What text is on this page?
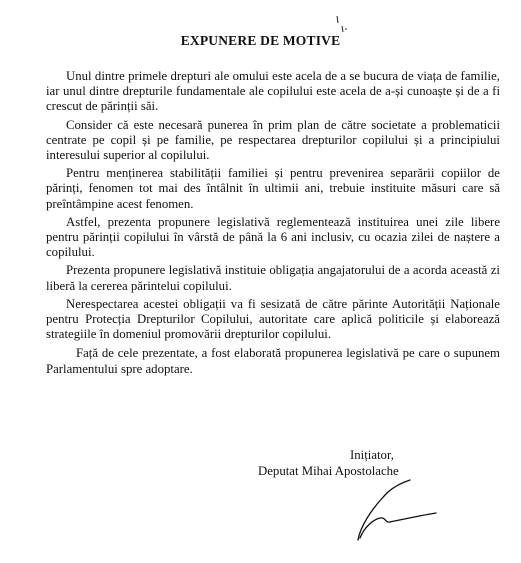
EXPUNERE DE MOTIVE

Unul dintre primele drepturi ale omului este acela de a se bucura de viața de familie, iar unul dintre drepturile fundamentale ale copilului este acela de a-și cunoaște și de a fi crescut de părinții săi.

Consider că este necesară punerea în prim plan de către societate a problematicii centrate pe copil și pe familie, pe respectarea drepturilor copilului și a principiului interesului superior al copilului.

Pentru menținerea stabilității familiei și pentru prevenirea separării copiilor de părinți, fenomen tot mai des întâlnit în ultimii ani, trebuie instituite măsuri care să preîntâmpine acest fenomen.

Astfel, prezenta propunere legislativă reglementează instituirea unei zile libere pentru părinții copilului în vârstă de până la 6 ani inclusiv, cu ocazia zilei de naștere a copilului.

Prezenta propunere legislativă instituie obligația angajatorului de a acorda această zi liberă la cererea părintelui copilului.

Nerespectarea acestei obligații va fi sesizată de către părinte Autorității Naționale pentru Protecția Drepturilor Copilului, autoritate care aplică politicile și elaborează strategiile în domeniul promovării drepturilor copilului.

Față de cele prezentate, a fost elaborată propunerea legislativă pe care o supunem Parlamentului spre adoptare.

Inițiator,
Deputat Mihai Apostolache
